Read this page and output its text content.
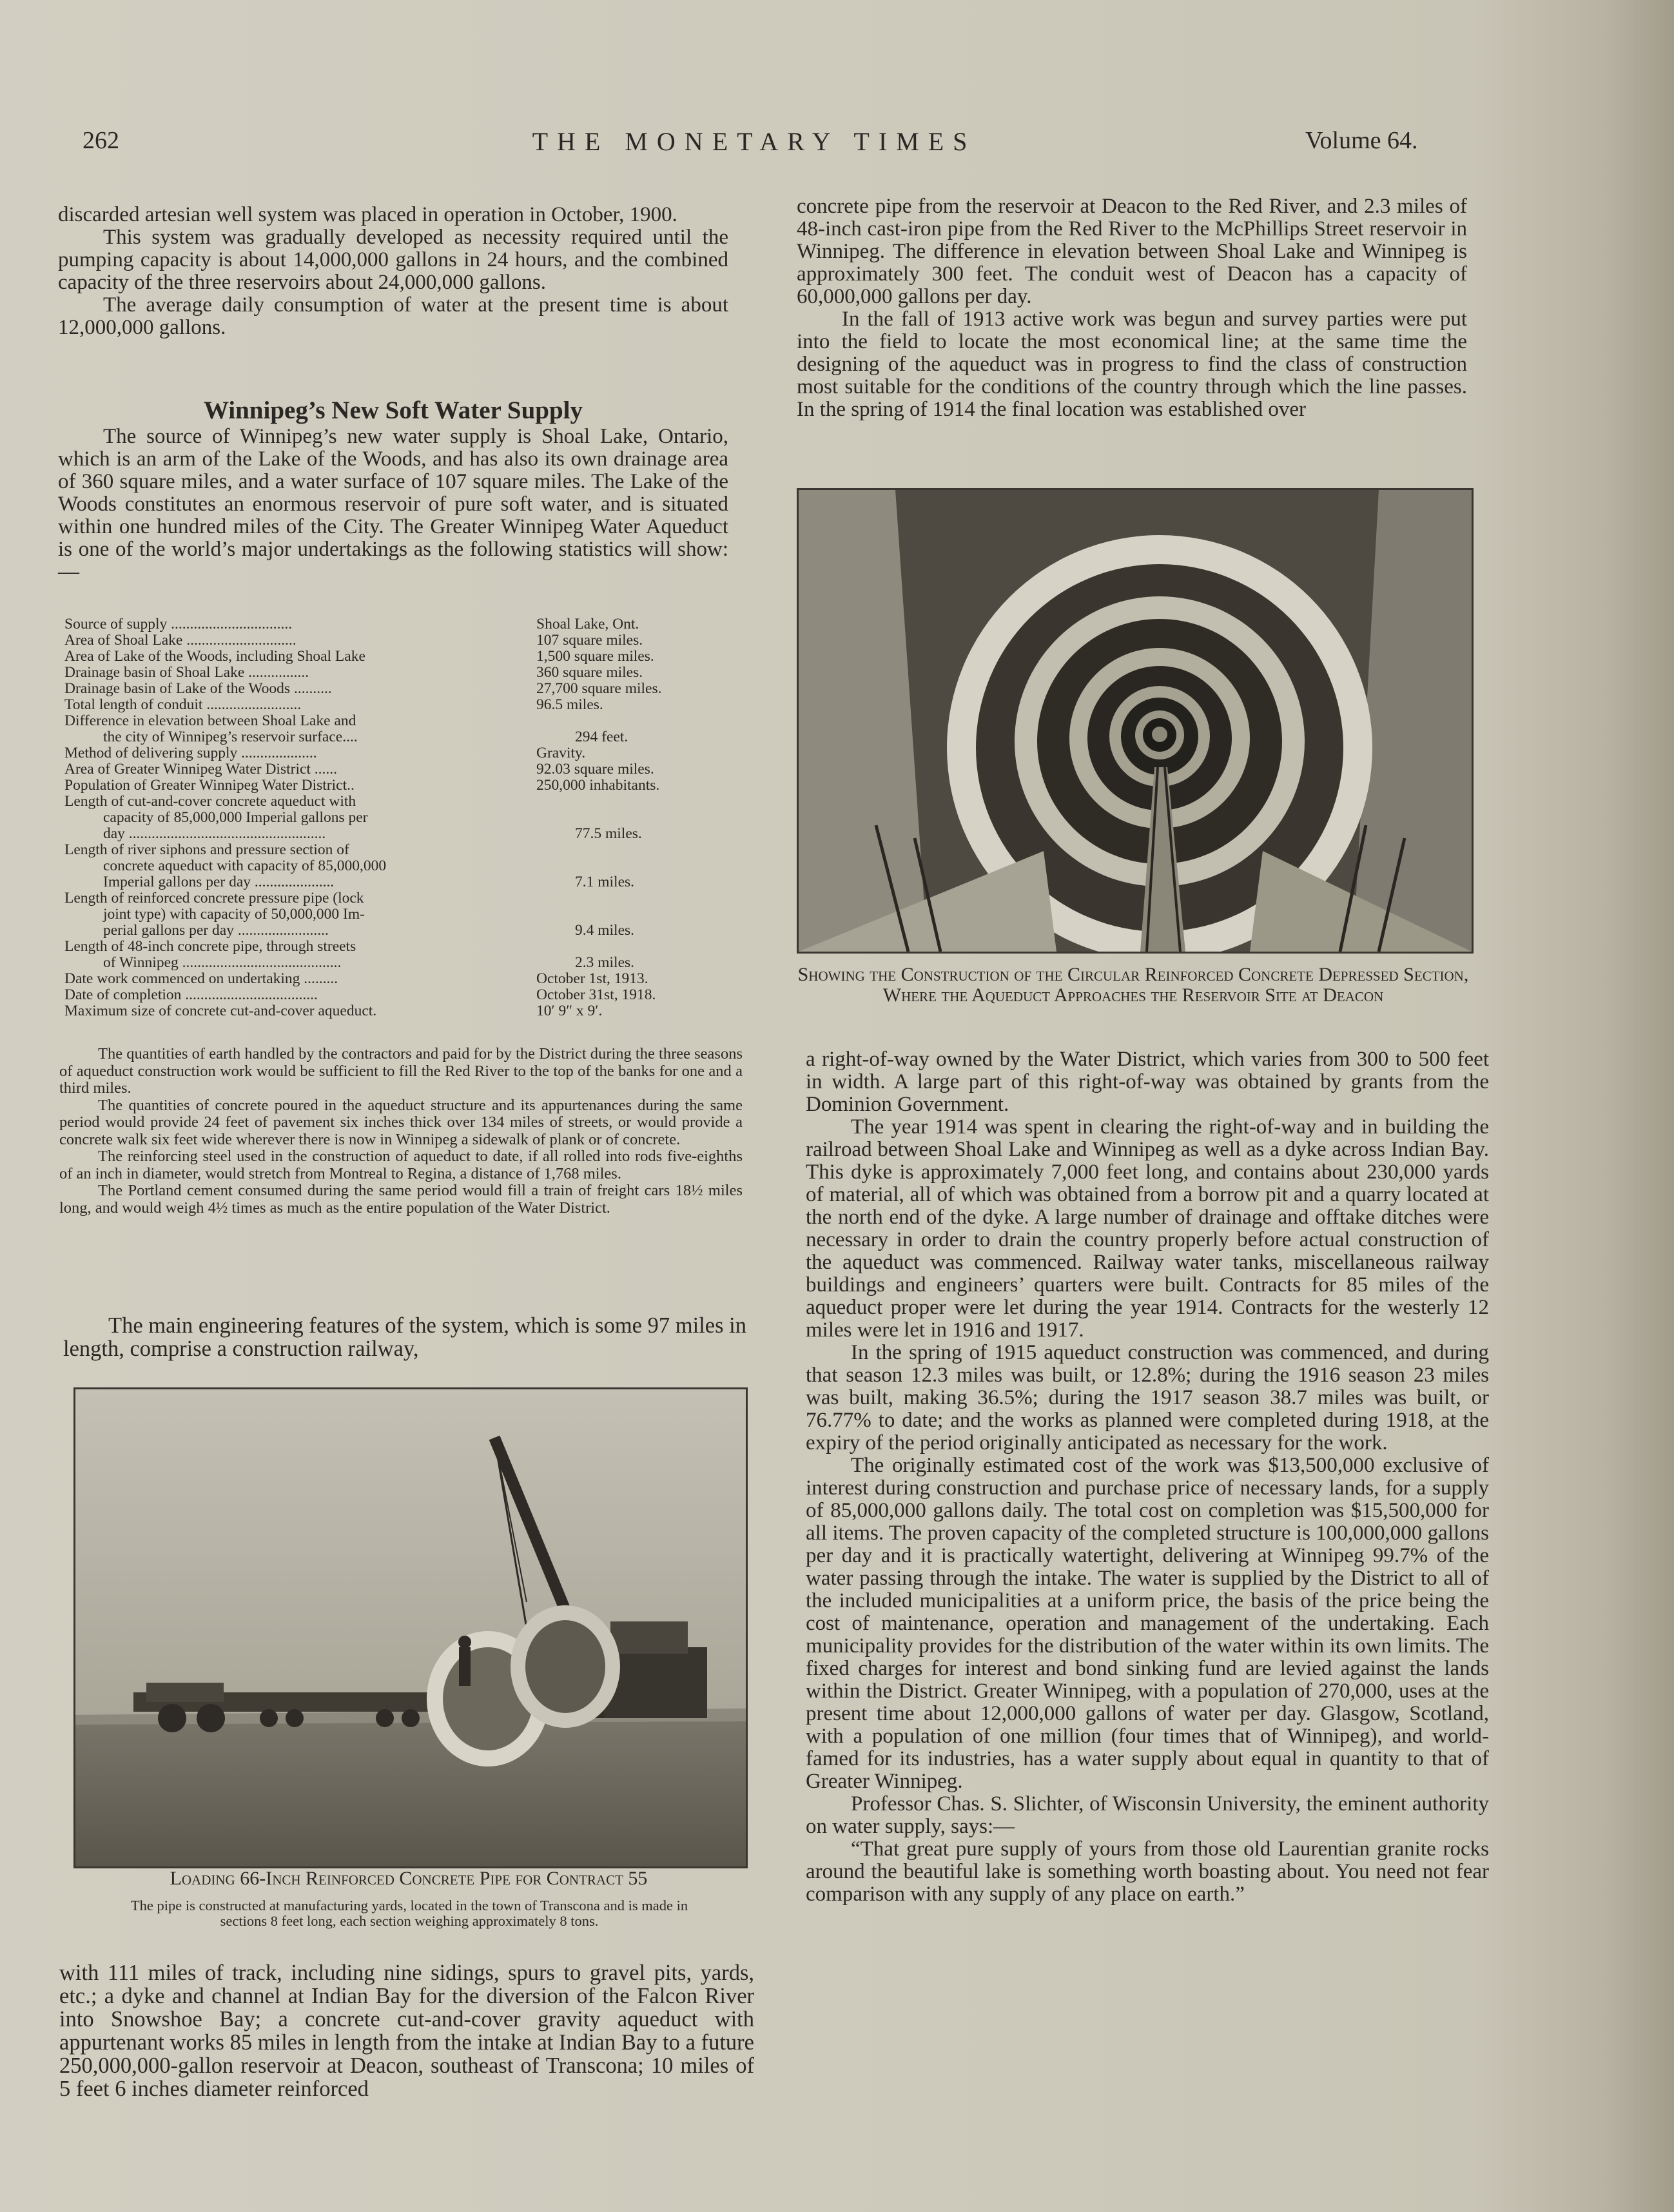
262	THE MONETARY TIMES	Volume 64.

discarded artesian well system was placed in operation in October, 1900.

This system was gradually developed as necessity required until the pumping capacity is about 14,000,000 gallons in 24 hours, and the combined capacity of the three reservoirs about 24,000,000 gallons.

The average daily consumption of water at the present time is about 12,000,000 gallons.

Winnipeg’s New Soft Water Supply

The source of Winnipeg’s new water supply is Shoal Lake, Ontario, which is an arm of the Lake of the Woods, and has also its own drainage area of 360 square miles, and a water surface of 107 square miles. The Lake of the Woods constitutes an enormous reservoir of pure soft water, and is situated within one hundred miles of the City. The Greater Winnipeg Water Aqueduct is one of the world’s major undertakings as the following statistics will show:—

Source of supply ................................	Shoal Lake, Ont.
Area of Shoal Lake .............................	107 square miles.
Area of Lake of the Woods, including Shoal Lake	1,500 square miles.
Drainage basin of Shoal Lake ................	360 square miles.
Drainage basin of Lake of the Woods ..........	27,700 square miles.
Total length of conduit .........................	96.5 miles.
Difference in elevation between Shoal Lake and
the city of Winnipeg’s reservoir surface....	294 feet.
Method of delivering supply ....................	Gravity.
Area of Greater Winnipeg Water District ......	92.03 square miles.
Population of Greater Winnipeg Water District..	250,000 inhabitants.
Length of cut-and-cover concrete aqueduct with
capacity of 85,000,000 Imperial gallons per
day ....................................................	77.5 miles.
Length of river siphons and pressure section of
concrete aqueduct with capacity of 85,000,000
Imperial gallons per day .....................	7.1 miles.
Length of reinforced concrete pressure pipe (lock
joint type) with capacity of 50,000,000 Im-
perial gallons per day ........................	9.4 miles.
Length of 48-inch concrete pipe, through streets
of Winnipeg ..........................................	2.3 miles.
Date work commenced on undertaking .........	October 1st, 1913.
Date of completion ...................................	October 31st, 1918.
Maximum size of concrete cut-and-cover aqueduct.	10′ 9″ x 9′.

The quantities of earth handled by the contractors and paid for by the District during the three seasons of aqueduct construction work would be sufficient to fill the Red River to the top of the banks for one and a third miles.

The quantities of concrete poured in the aqueduct structure and its appurtenances during the same period would provide 24 feet of pavement six inches thick over 134 miles of streets, or would provide a concrete walk six feet wide wherever there is now in Winnipeg a sidewalk of plank or of concrete.

The reinforcing steel used in the construction of aqueduct to date, if all rolled into rods five-eighths of an inch in diameter, would stretch from Montreal to Regina, a distance of 1,768 miles.

The Portland cement consumed during the same period would fill a train of freight cars 18½ miles long, and would weigh 4½ times as much as the entire population of the Water District.

The main engineering features of the system, which is some 97 miles in length, comprise a construction railway,

Loading 66-Inch Reinforced Concrete Pipe for Contract 55
The pipe is constructed at manufacturing yards, located in the town of Transcona and is made in sections 8 feet long, each section weighing approximately 8 tons.

with 111 miles of track, including nine sidings, spurs to gravel pits, yards, etc.; a dyke and channel at Indian Bay for the diversion of the Falcon River into Snowshoe Bay; a concrete cut-and-cover gravity aqueduct with appurtenant works 85 miles in length from the intake at Indian Bay to a future 250,000,000-gallon reservoir at Deacon, southeast of Transcona; 10 miles of 5 feet 6 inches diameter reinforced

concrete pipe from the reservoir at Deacon to the Red River, and 2.3 miles of 48-inch cast-iron pipe from the Red River to the McPhillips Street reservoir in Winnipeg. The difference in elevation between Shoal Lake and Winnipeg is approximately 300 feet. The conduit west of Deacon has a capacity of 60,000,000 gallons per day.

In the fall of 1913 active work was begun and survey parties were put into the field to locate the most economical line; at the same time the designing of the aqueduct was in progress to find the class of construction most suitable for the conditions of the country through which the line passes. In the spring of 1914 the final location was established over

Showing the Construction of the Circular Reinforced Concrete Depressed Section, Where the Aqueduct Approaches the Reservoir Site at Deacon

a right-of-way owned by the Water District, which varies from 300 to 500 feet in width. A large part of this right-of-way was obtained by grants from the Dominion Government.

The year 1914 was spent in clearing the right-of-way and in building the railroad between Shoal Lake and Winnipeg as well as a dyke across Indian Bay. This dyke is approximately 7,000 feet long, and contains about 230,000 yards of material, all of which was obtained from a borrow pit and a quarry located at the north end of the dyke. A large number of drainage and offtake ditches were necessary in order to drain the country properly before actual construction of the aqueduct was commenced. Railway water tanks, miscellaneous railway buildings and engineers’ quarters were built. Contracts for 85 miles of the aqueduct proper were let during the year 1914. Contracts for the westerly 12 miles were let in 1916 and 1917.

In the spring of 1915 aqueduct construction was commenced, and during that season 12.3 miles was built, or 12.8%; during the 1916 season 23 miles was built, making 36.5%; during the 1917 season 38.7 miles was built, or 76.77% to date; and the works as planned were completed during 1918, at the expiry of the period originally anticipated as necessary for the work.

The originally estimated cost of the work was $13,500,000 exclusive of interest during construction and purchase price of necessary lands, for a supply of 85,000,000 gallons daily. The total cost on completion was $15,500,000 for all items. The proven capacity of the completed structure is 100,000,000 gallons per day and it is practically watertight, delivering at Winnipeg 99.7% of the water passing through the intake. The water is supplied by the District to all of the included municipalities at a uniform price, the basis of the price being the cost of maintenance, operation and management of the undertaking. Each municipality provides for the distribution of the water within its own limits. The fixed charges for interest and bond sinking fund are levied against the lands within the District. Greater Winnipeg, with a population of 270,000, uses at the present time about 12,000,000 gallons of water per day. Glasgow, Scotland, with a population of one million (four times that of Winnipeg), and world-famed for its industries, has a water supply about equal in quantity to that of Greater Winnipeg.

Professor Chas. S. Slichter, of Wisconsin University, the eminent authority on water supply, says:—

“That great pure supply of yours from those old Laurentian granite rocks around the beautiful lake is something worth boasting about. You need not fear comparison with any supply of any place on earth.”
